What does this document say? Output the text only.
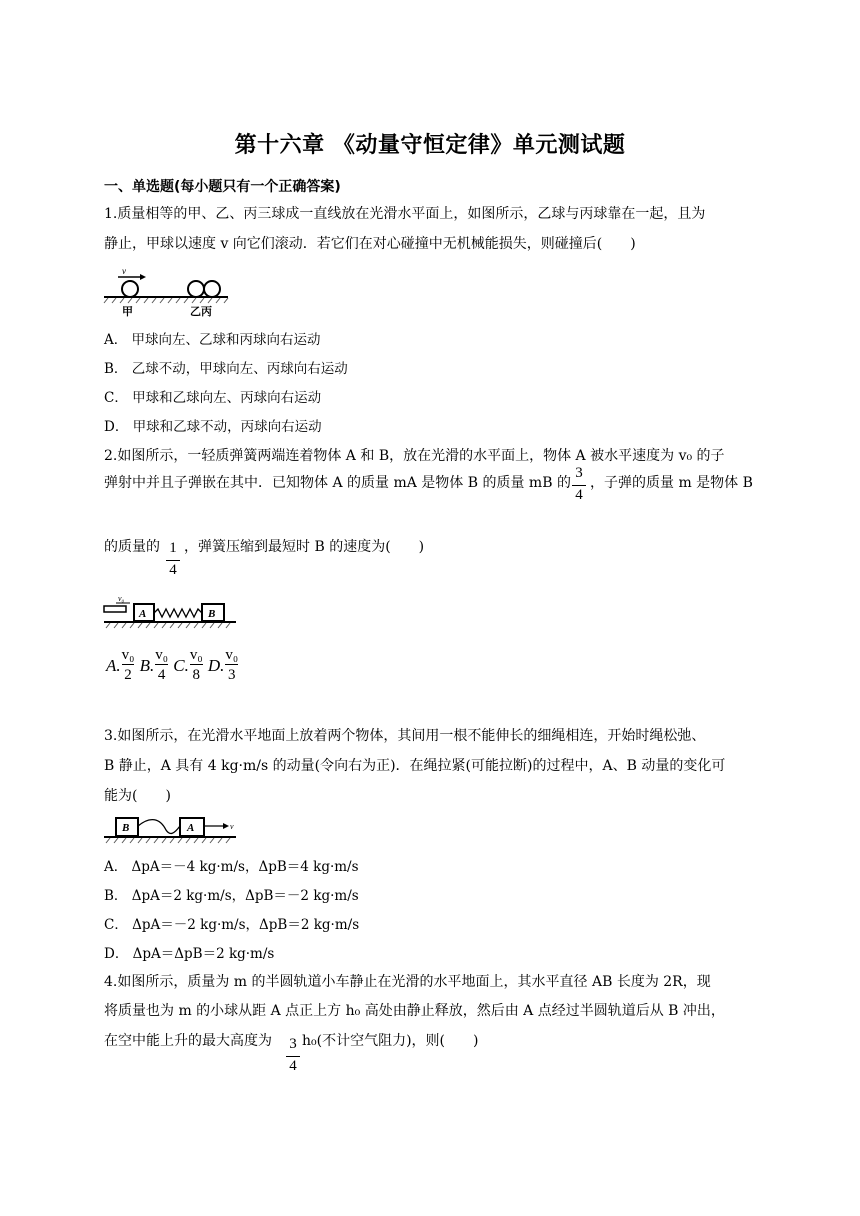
第十六章 《动量守恒定律》单元测试题
一、单选题(每小题只有一个正确答案)
1.质量相等的甲、乙、丙三球成一直线放在光滑水平面上，如图所示，乙球与丙球靠在一起，且为
静止，甲球以速度 v 向它们滚动．若它们在对心碰撞中无机械能损失，则碰撞后(　　)
v
甲	乙丙
A． 甲球向左、乙球和丙球向右运动
B． 乙球不动，甲球向左、丙球向右运动
C． 甲球和乙球向左、丙球向右运动
D． 甲球和乙球不动，丙球向右运动
2.如图所示，一轻质弹簧两端连着物体 A 和 B，放在光滑的水平面上，物体 A 被水平速度为 v₀ 的子
弹射中并且子弹嵌在其中．已知物体 A 的质量 mA 是物体 B 的质量 mB 的
3
4
，子弹的质量 m 是物体 B
的质量的 1
4
，弹簧压缩到最短时 B 的速度为(　　)
v₀
A	B
A. $\frac{\text{v₀}}{2} B$. $\frac{\text{v₀}}{4} C$. $\frac{\text{v₀}}{8} D$. $\frac{\text{v₀}}{3}$
3.如图所示，在光滑水平地面上放着两个物体，其间用一根不能伸长的细绳相连，开始时绳松弛、
B 静止，A 具有 4 kg·m/s 的动量(令向右为正)．在绳拉紧(可能拉断)的过程中，A、B 动量的变化可
能为(　　)
B	A	v
A． ΔpA＝－4 kg·m/s，ΔpB＝4 kg·m/s
B． ΔpA＝2 kg·m/s，ΔpB＝－2 kg·m/s
C． ΔpA＝－2 kg·m/s，ΔpB＝2 kg·m/s
D． ΔpA＝ΔpB＝2 kg·m/s
4.如图所示，质量为 m 的半圆轨道小车静止在光滑的水平地面上，其水平直径 AB 长度为 2R，现
将质量也为 m 的小球从距 A 点正上方 h₀ 高处由静止释放，然后由 A 点经过半圆轨道后从 B 冲出，
在空中能上升的最大高度为 3
4
h₀(不计空气阻力)，则(　　)
